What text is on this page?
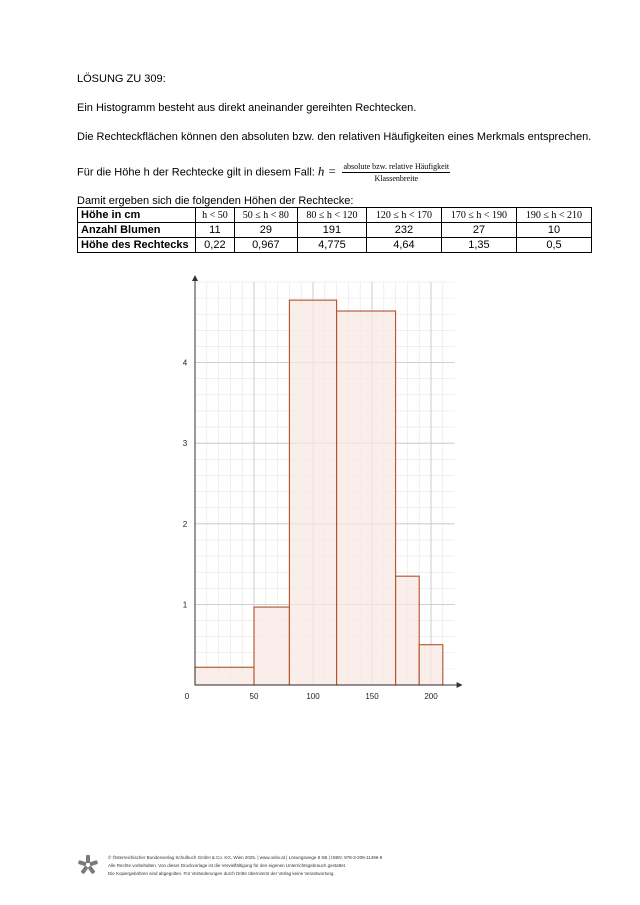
LÖSUNG ZU 309:
Ein Histogramm besteht aus direkt aneinander gereihten Rechtecken.
Die Rechteckflächen können den absoluten bzw. den relativen Häufigkeiten eines Merkmals entsprechen.
Für die Höhe h der Rechtecke gilt in diesem Fall: $h = \frac{\text{absolute bzw. relative Häufigkeit}}{\text{Klassenbreite}}$
Damit ergeben sich die folgenden Höhen der Rechtecke:
Höhe in cm	h < 50	50 ≤ h < 80	80 ≤ h < 120	120 ≤ h < 170	170 ≤ h < 190	190 ≤ h < 210
Anzahl Blumen	11	29	191	232	27	10
Höhe des Rechtecks	0,22	0,967	4,775	4,64	1,35	0,5
0	50	100	150	200
1
2
3
4
© Österreichischer Bundesverlag Schulbuch GmbH & Co. KG, Wien 2025. | www.oebv.at | Lösungswege 8 SB | ISBN: 978-3-209-11496-9
Alle Rechte vorbehalten. Von dieser Druckvorlage ist die Vervielfältigung für den eigenen Unterrichtsgebrauch gestattet.
Die Kopiergebühren sind abgegolten. Für Veränderungen durch Dritte übernimmt der Verlag keine Verantwortung.
